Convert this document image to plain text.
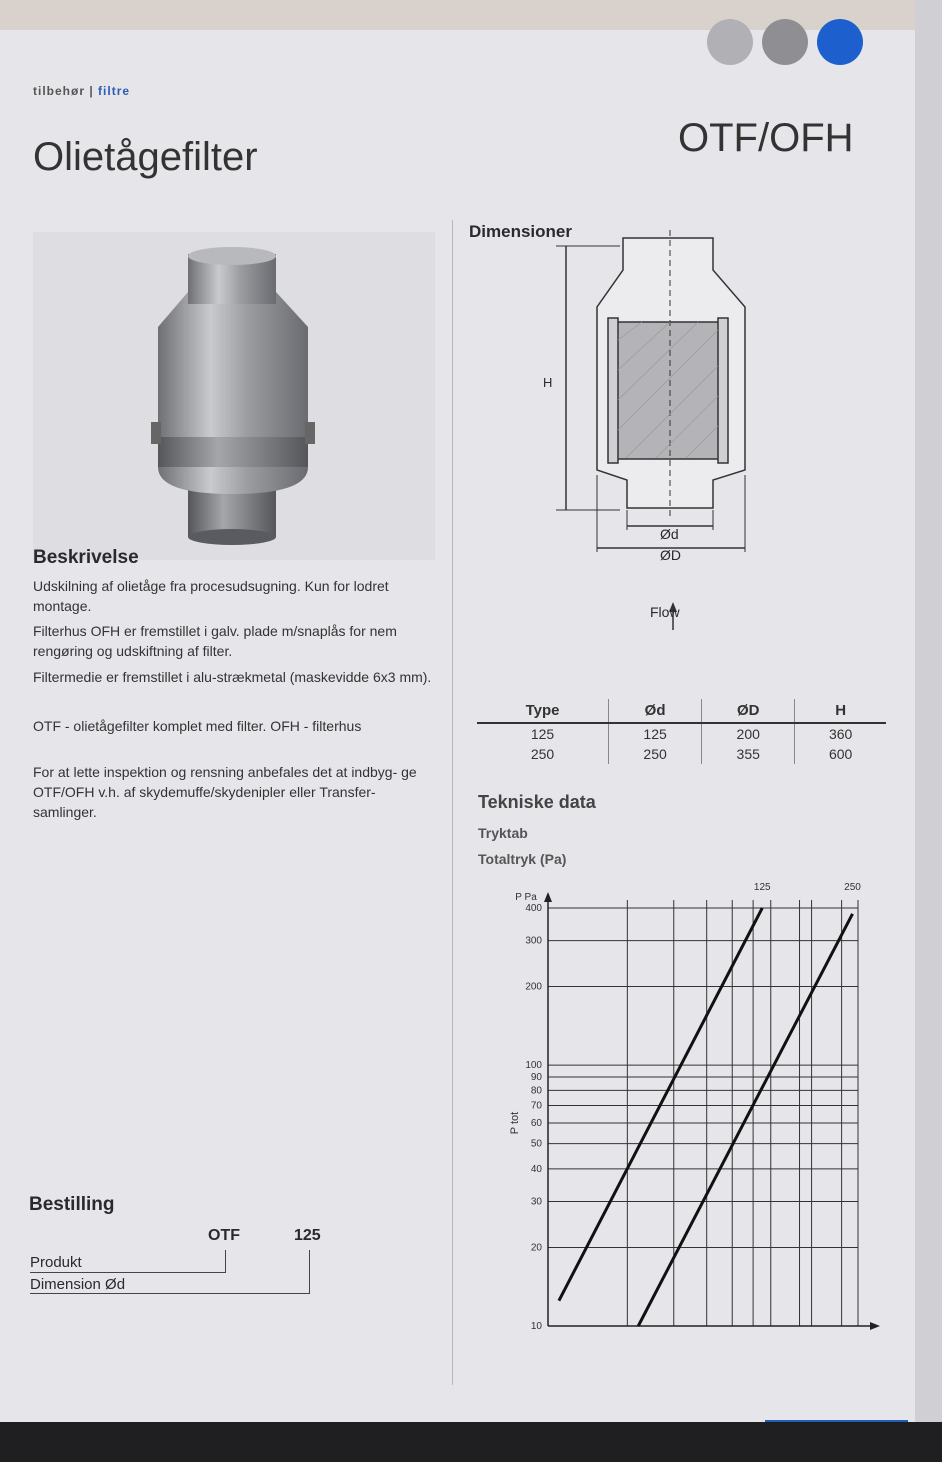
tilbehør | filtre
Olietågefilter	OTF/OFH
Beskrivelse
Udskilning af olietåge fra procesudsugning. Kun for lodret montage.
Filterhus OFH er fremstillet i galv. plade m/snaplås for nem rengøring og udskiftning af filter.
Filtermedie er fremstillet i alu-strækmetal (maskevidde 6x3 mm).
OTF - olietågefilter komplet med filter. OFH - filterhus
For at lette inspektion og rensning anbefales det at indbyg- ge OTF/OFH v.h. af skydemuffe/skydenipler eller Transfer- samlinger.
Dimensioner
H
Ød
ØD
Flow
Type	Ød	ØD	H
125	125	200	360
250	250	355	600
Tekniske data
Tryktab
Totaltryk (Pa)
10
20
30
40
50
60
70
80
90
100
200
300
400
P Pa
P tot
125	250
Bestilling
OTF	125
Produkt
Dimension Ød
